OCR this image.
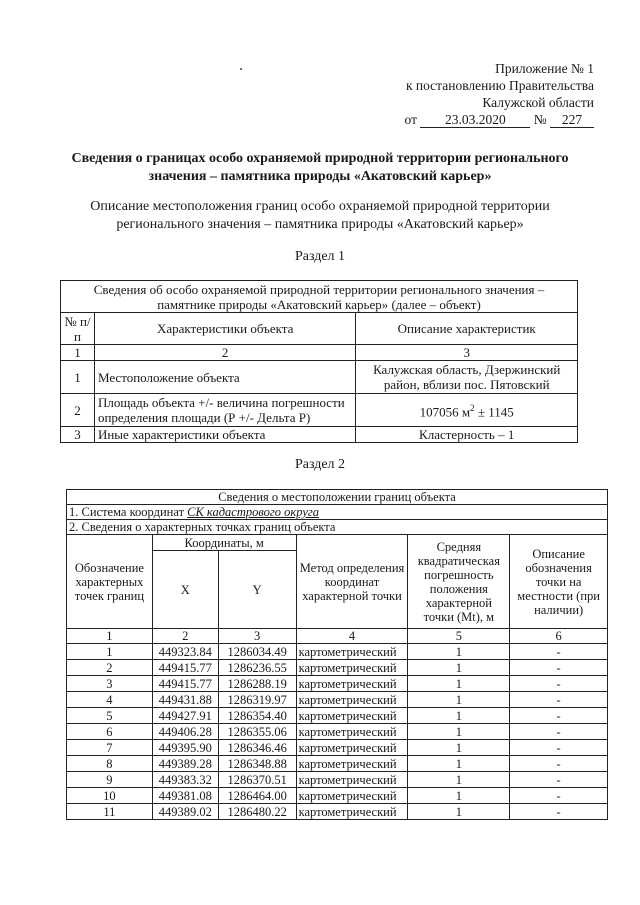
Приложение № 1
к постановлению Правительства
Калужской области
от 23.03.2020 № 227
Сведения о границах особо охраняемой природной территории регионального значения – памятника природы «Акатовский карьер»
Описание местоположения границ особо охраняемой природной территории регионального значения – памятника природы «Акатовский карьер»
Раздел 1
Сведения об особо охраняемой природной территории регионального значения – памятнике природы «Акатовский карьер» (далее – объект)		
№ п/п	Характеристики объекта	Описание характеристик
1	2	3
1	Местоположение объекта	Калужская область, Дзержинский район, вблизи пос. Пятовский
2	Площадь объекта +/- величина погрешности определения площади (Р +/- Дельта Р)	107056 $м^2 \pm 1145$
3	Иные характеристики объекта	Кластерность – 1
Раздел 2
Сведения о местоположении границ объекта					
1. Система координат СК кадастрового округа					
2. Сведения о характерных точках границ объекта					
Обозначение характерных точек границ	Координаты, м		Метод определения координат характерной точки	Средняя квадратическая погрешность положения характерной точки (Мt), м	Описание обозначения точки на местности (при наличии)
	X	Y			
1	2	3	4	5	6
1	449323.84	1286034.49	картометрический	1	-
2	449415.77	1286236.55	картометрический	1	-
3	449415.77	1286288.19	картометрический	1	-
4	449431.88	1286319.97	картометрический	1	-
5	449427.91	1286354.40	картометрический	1	-
6	449406.28	1286355.06	картометрический	1	-
7	449395.90	1286346.46	картометрический	1	-
8	449389.28	1286348.88	картометрический	1	-
9	449383.32	1286370.51	картометрический	1	-
10	449381.08	1286464.00	картометрический	1	-
11	449389.02	1286480.22	картометрический	1	-
